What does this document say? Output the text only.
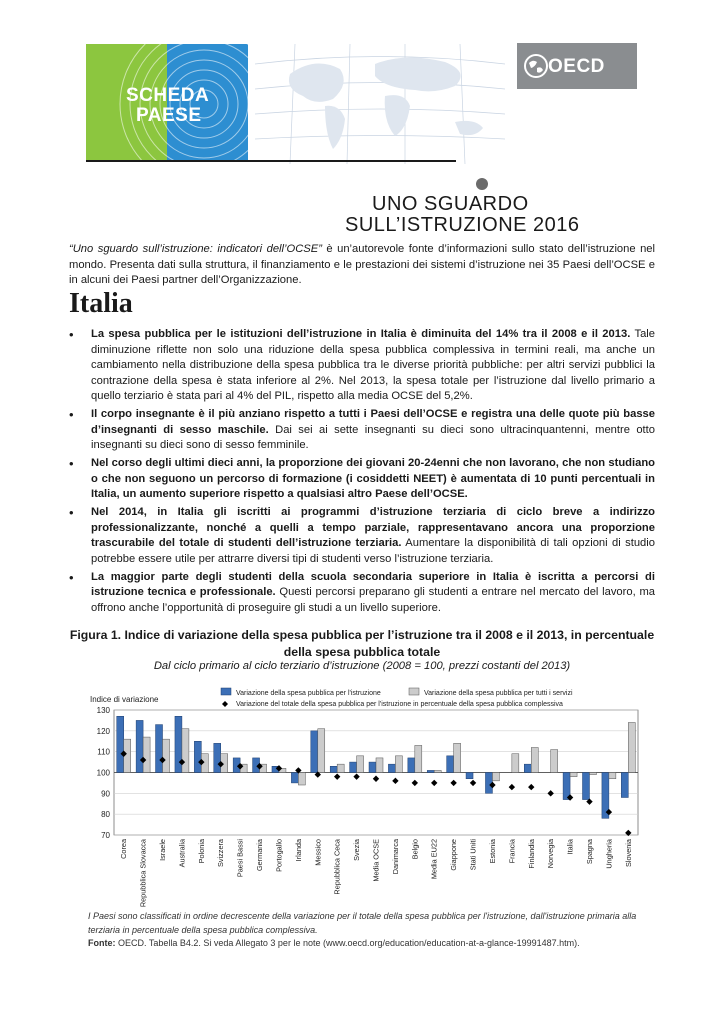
SCHEDA
PAESE
OECD
UNO SGUARDO
SULL’ISTRUZIONE 2016
“Uno sguardo sull’istruzione: indicatori dell’OCSE” è un’autorevole fonte d’informazioni sullo stato dell’istruzione nel mondo. Presenta dati sulla struttura, il finanziamento e le prestazioni dei sistemi d’istruzione nei 35 Paesi dell’OCSE e in alcuni dei Paesi partner dell’Organizzazione.
Italia
• La spesa pubblica per le istituzioni dell’istruzione in Italia è diminuita del 14% tra il 2008 e il 2013. Tale diminuzione riflette non solo una riduzione della spesa pubblica complessiva in termini reali, ma anche un cambiamento nella distribuzione della spesa pubblica tra le diverse priorità pubbliche: per altri servizi pubblici la contrazione della spesa è stata inferiore al 2%. Nel 2013, la spesa totale per l’istruzione dal livello primario a quello terziario è stata pari al 4% del PIL, rispetto alla media OCSE del 5,2%.
• Il corpo insegnante è il più anziano rispetto a tutti i Paesi dell’OCSE e registra una delle quote più basse d’insegnanti di sesso maschile. Dai sei ai sette insegnanti su dieci sono ultracinquantenni, mentre otto insegnanti su dieci sono di sesso femminile.
• Nel corso degli ultimi dieci anni, la proporzione dei giovani 20-24enni che non lavorano, che non studiano o che non seguono un percorso di formazione (i cosiddetti NEET) è aumentata di 10 punti percentuali in Italia, un aumento superiore rispetto a qualsiasi altro Paese dell’OCSE.
• Nel 2014, in Italia gli iscritti ai programmi d’istruzione terziaria di ciclo breve a indirizzo professionalizzante, nonché a quelli a tempo parziale, rappresentavano ancora una proporzione trascurabile del totale di studenti dell’istruzione terziaria. Aumentare la disponibilità di tali opzioni di studio potrebbe essere utile per attrarre diversi tipi di studenti verso l’istruzione terziaria.
• La maggior parte degli studenti della scuola secondaria superiore in Italia è iscritta a percorsi di istruzione tecnica e professionale. Questi percorsi preparano gli studenti a entrare nel mercato del lavoro, ma offrono anche l’opportunità di proseguire gli studi a un livello superiore.
Figura 1. Indice di variazione della spesa pubblica per l’istruzione tra il 2008 e il 2013, in percentuale della spesa pubblica totale
Dal ciclo primario al ciclo terziario d’istruzione (2008 = 100, prezzi costanti del 2013)
Indice di variazione
Variazione della spesa pubblica per l'istruzione	Variazione della spesa pubblica per tutti i servizi
Variazione del totale della spesa pubblica per l'istruzione in percentuale della spesa pubblica complessiva
70
80
90
100
110
120
130
Corea Repubblica Slovacca Israele Australia Polonia Svizzera Paesi Bassi Germania Portogallo Irlanda Messico Repubblica Ceca Svezia Media OCSE Danimarca Belgio Media EU22 Giappone Stati Uniti Estonia Francia Finlandia Norvegia Italia Spagna Ungheria Slovenia
I Paesi sono classificati in ordine decrescente della variazione per il totale della spesa pubblica per l'istruzione, dall'istruzione primaria alla terziaria in percentuale della spesa pubblica complessiva.
Fonte: OECD. Tabella B4.2. Si veda Allegato 3 per le note (www.oecd.org/education/education-at-a-glance-19991487.htm).
